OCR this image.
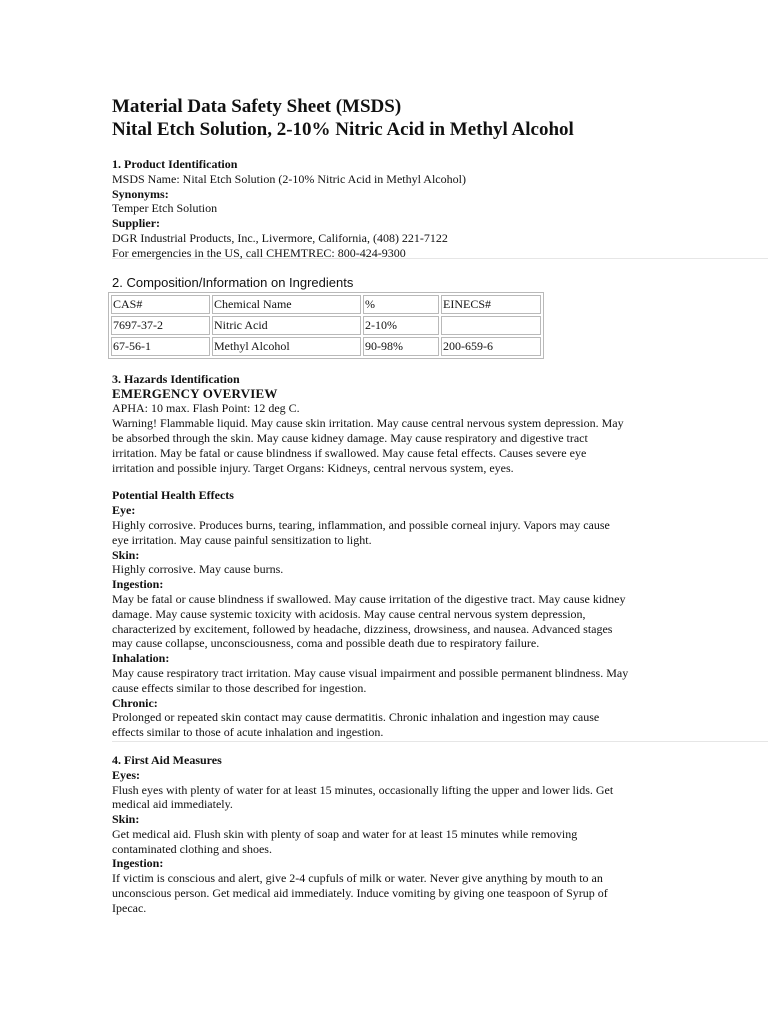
Material Data Safety Sheet (MSDS)

Nital Etch Solution, 2-10% Nitric Acid in Methyl Alcohol

1. Product Identification

MSDS Name: Nital Etch Solution (2-10% Nitric Acid in Methyl Alcohol)

Synonyms:

Temper Etch Solution

Supplier:

DGR Industrial Products, Inc., Livermore, California, (408) 221-7122

For emergencies in the US, call CHEMTREC: 800-424-9300

2. Composition/Information on Ingredients

CAS#	Chemical Name	%	EINECS#
7697-37-2	Nitric Acid	2-10%	
67-56-1	Methyl Alcohol	90-98%	200-659-6

3. Hazards Identification

EMERGENCY OVERVIEW

APHA: 10 max. Flash Point: 12 deg C.

Warning! Flammable liquid. May cause skin irritation. May cause central nervous system depression. May

be absorbed through the skin. May cause kidney damage. May cause respiratory and digestive tract

irritation. May be fatal or cause blindness if swallowed. May cause fetal effects. Causes severe eye

irritation and possible injury. Target Organs: Kidneys, central nervous system, eyes.

Potential Health Effects

Eye:

Highly corrosive. Produces burns, tearing, inflammation, and possible corneal injury. Vapors may cause

eye irritation. May cause painful sensitization to light.

Skin:

Highly corrosive. May cause burns.

Ingestion:

May be fatal or cause blindness if swallowed. May cause irritation of the digestive tract. May cause kidney

damage. May cause systemic toxicity with acidosis. May cause central nervous system depression,

characterized by excitement, followed by headache, dizziness, drowsiness, and nausea. Advanced stages

may cause collapse, unconsciousness, coma and possible death due to respiratory failure.

Inhalation:

May cause respiratory tract irritation. May cause visual impairment and possible permanent blindness. May

cause effects similar to those described for ingestion.

Chronic:

Prolonged or repeated skin contact may cause dermatitis. Chronic inhalation and ingestion may cause

effects similar to those of acute inhalation and ingestion.

4. First Aid Measures

Eyes:

Flush eyes with plenty of water for at least 15 minutes, occasionally lifting the upper and lower lids. Get

medical aid immediately.

Skin:

Get medical aid. Flush skin with plenty of soap and water for at least 15 minutes while removing

contaminated clothing and shoes.

Ingestion:

If victim is conscious and alert, give 2-4 cupfuls of milk or water. Never give anything by mouth to an

unconscious person. Get medical aid immediately. Induce vomiting by giving one teaspoon of Syrup of

Ipecac.
